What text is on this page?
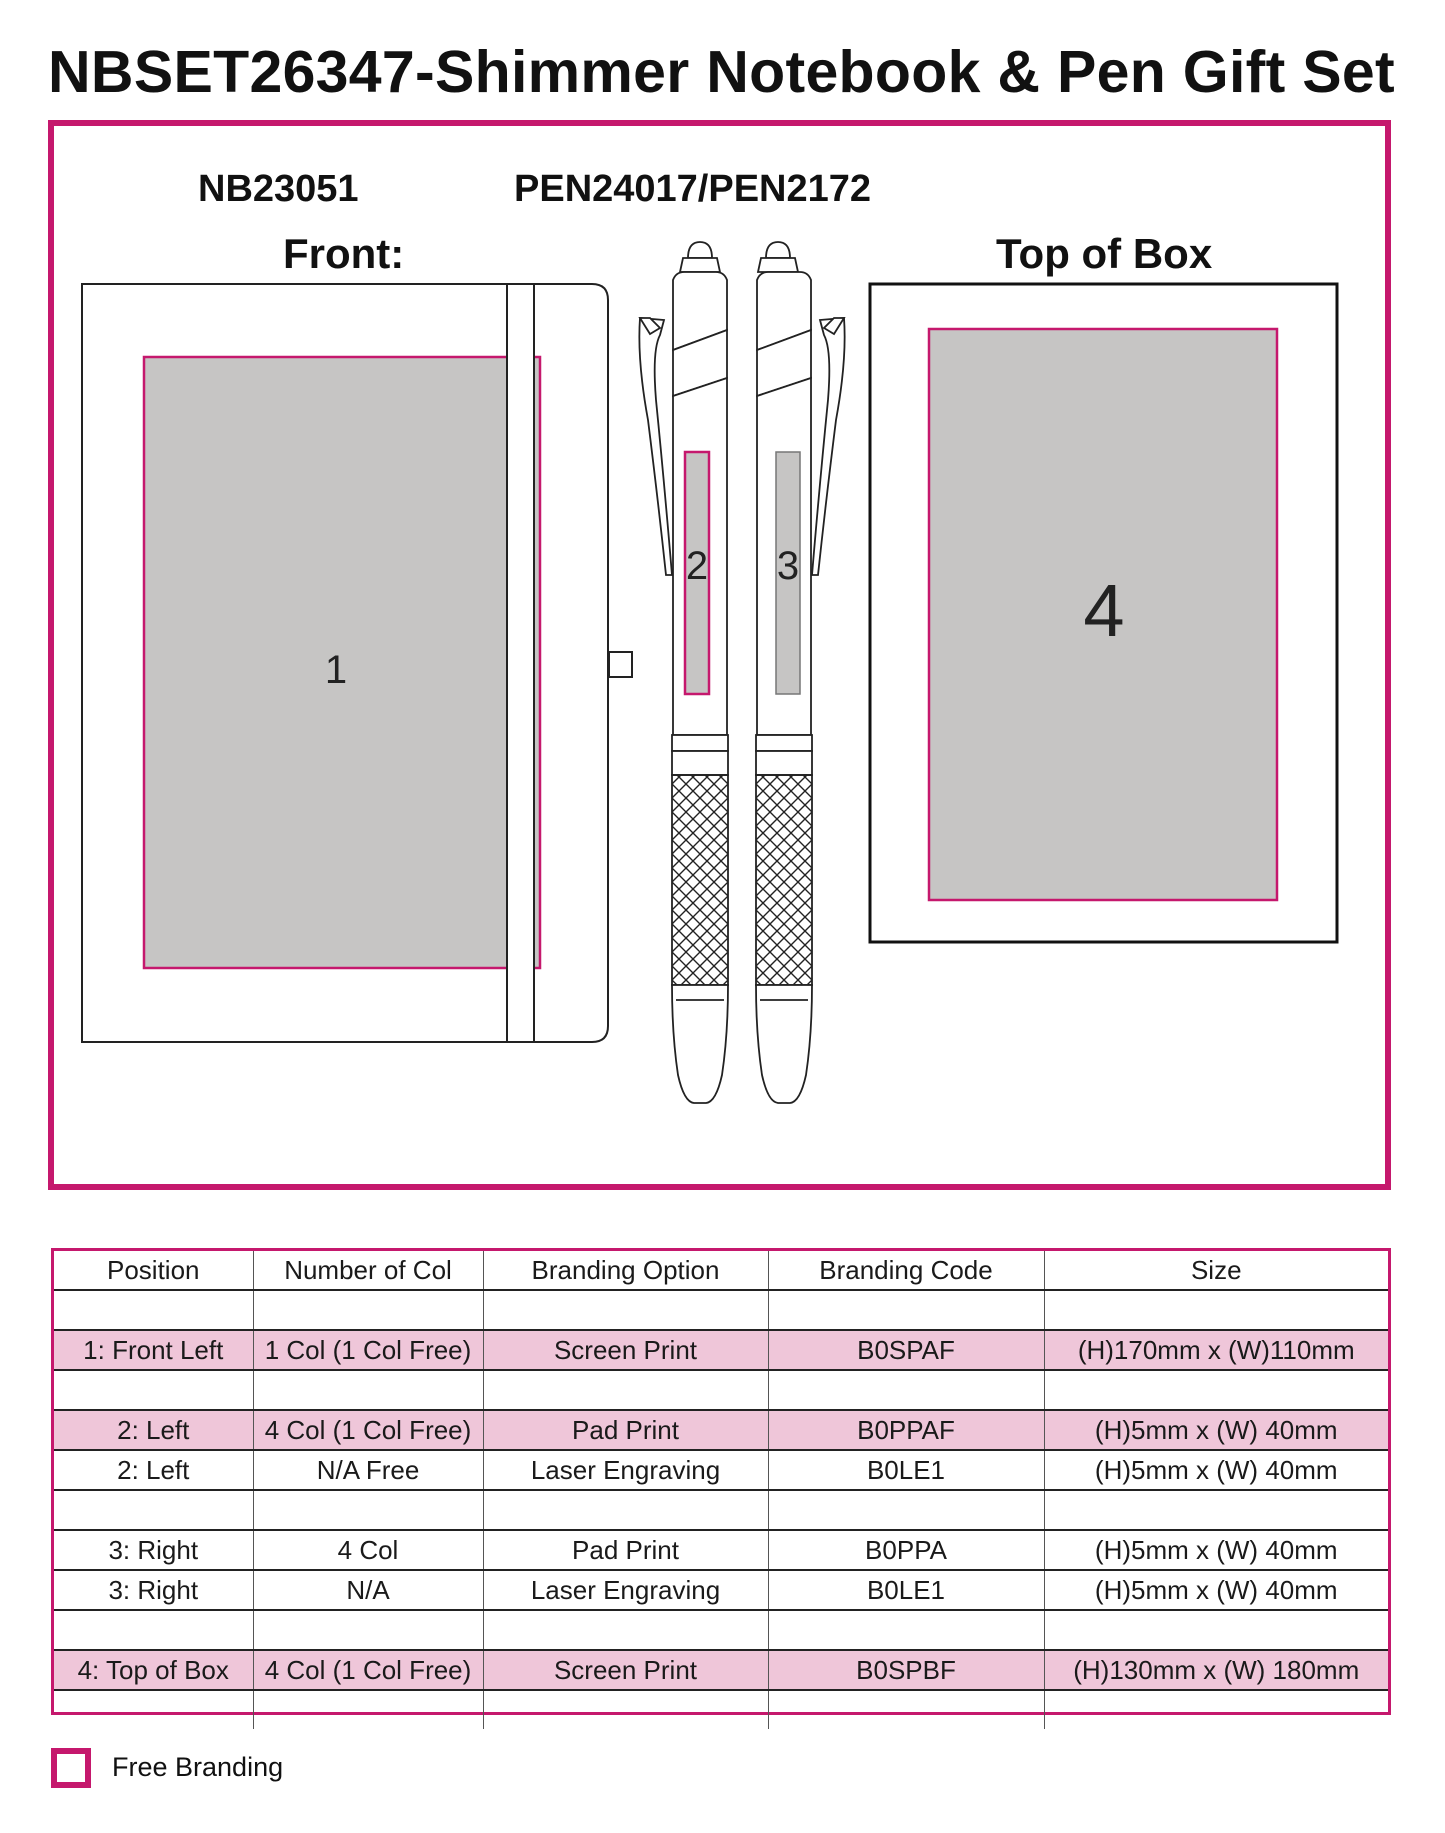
NBSET26347-Shimmer Notebook & Pen Gift Set
NB23051	PEN24017/PEN2172
Front:	Top of Box
1
2 3
4
Position	Number of Col	Branding Option	Branding Code	Size

1: Front Left	1 Col (1 Col Free)	Screen Print	B0SPAF	(H)170mm x (W)110mm

2: Left	4 Col (1 Col Free)	Pad Print	B0PPAF	(H)5mm x (W) 40mm
2: Left	N/A Free	Laser Engraving	B0LE1	(H)5mm x (W) 40mm

3: Right	4 Col	Pad Print	B0PPA	(H)5mm x (W) 40mm
3: Right	N/A	Laser Engraving	B0LE1	(H)5mm x (W) 40mm

4: Top of Box	4 Col (1 Col Free)	Screen Print	B0SPBF	(H)130mm x (W) 180mm

Free Branding
